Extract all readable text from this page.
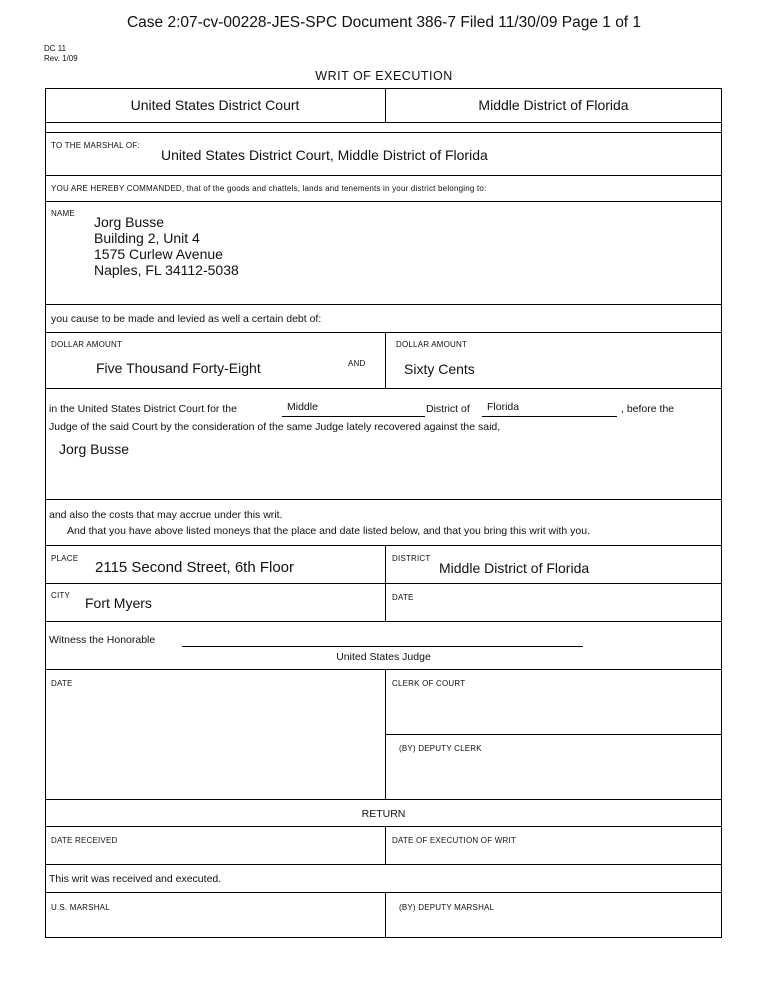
Case 2:07-cv-00228-JES-SPC Document 386-7 Filed 11/30/09 Page 1 of 1
DC 11
Rev. 1/09
WRIT OF EXECUTION
United States District Court	Middle District of Florida
TO THE MARSHAL OF:
United States District Court, Middle District of Florida
YOU ARE HEREBY COMMANDED, that of the goods and chattels, lands and tenements in your district belonging to:
NAME
Jorg Busse
Building 2, Unit 4
1575 Curlew Avenue
Naples, FL 34112-5038
you cause to be made and levied as well a certain debt of:
DOLLAR AMOUNT
Five Thousand Forty-Eight	AND
DOLLAR AMOUNT
Sixty Cents
in the United States District Court for the	Middle	District of Florida	, before the
Judge of the said Court by the consideration of the same Judge lately recovered against the said,
Jorg Busse
and also the costs that may accrue under this writ.
And that you have above listed moneys that the place and date listed below, and that you bring this writ with you.
PLACE
2115 Second Street, 6th Floor
DISTRICT
Middle District of Florida
CITY Fort Myers	DATE
Witness the Honorable
United States Judge
DATE	CLERK OF COURT
(BY) DEPUTY CLERK
RETURN
DATE RECEIVED	DATE OF EXECUTION OF WRIT
This writ was received and executed.
U.S. MARSHAL	(BY) DEPUTY MARSHAL
